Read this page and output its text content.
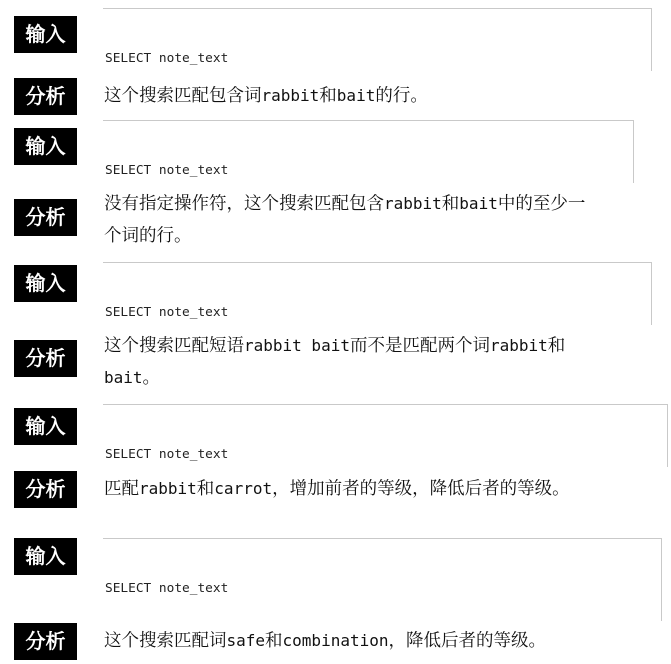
输入

SELECT note_text

分析	这个搜索匹配包含词rabbit和bait的行。
输入

SELECT note_text

分析
没有指定操作符，这个搜索匹配包含rabbit和bait中的至少一
个词的行。
输入

SELECT note_text

分析	这个搜索匹配短语rabbit bait而不是匹配两个词rabbit和
bait。
输入

SELECT note_text

分析	匹配rabbit和carrot，增加前者的等级，降低后者的等级。
输入

SELECT note_text

分析	这个搜索匹配词safe和combination，降低后者的等级。
